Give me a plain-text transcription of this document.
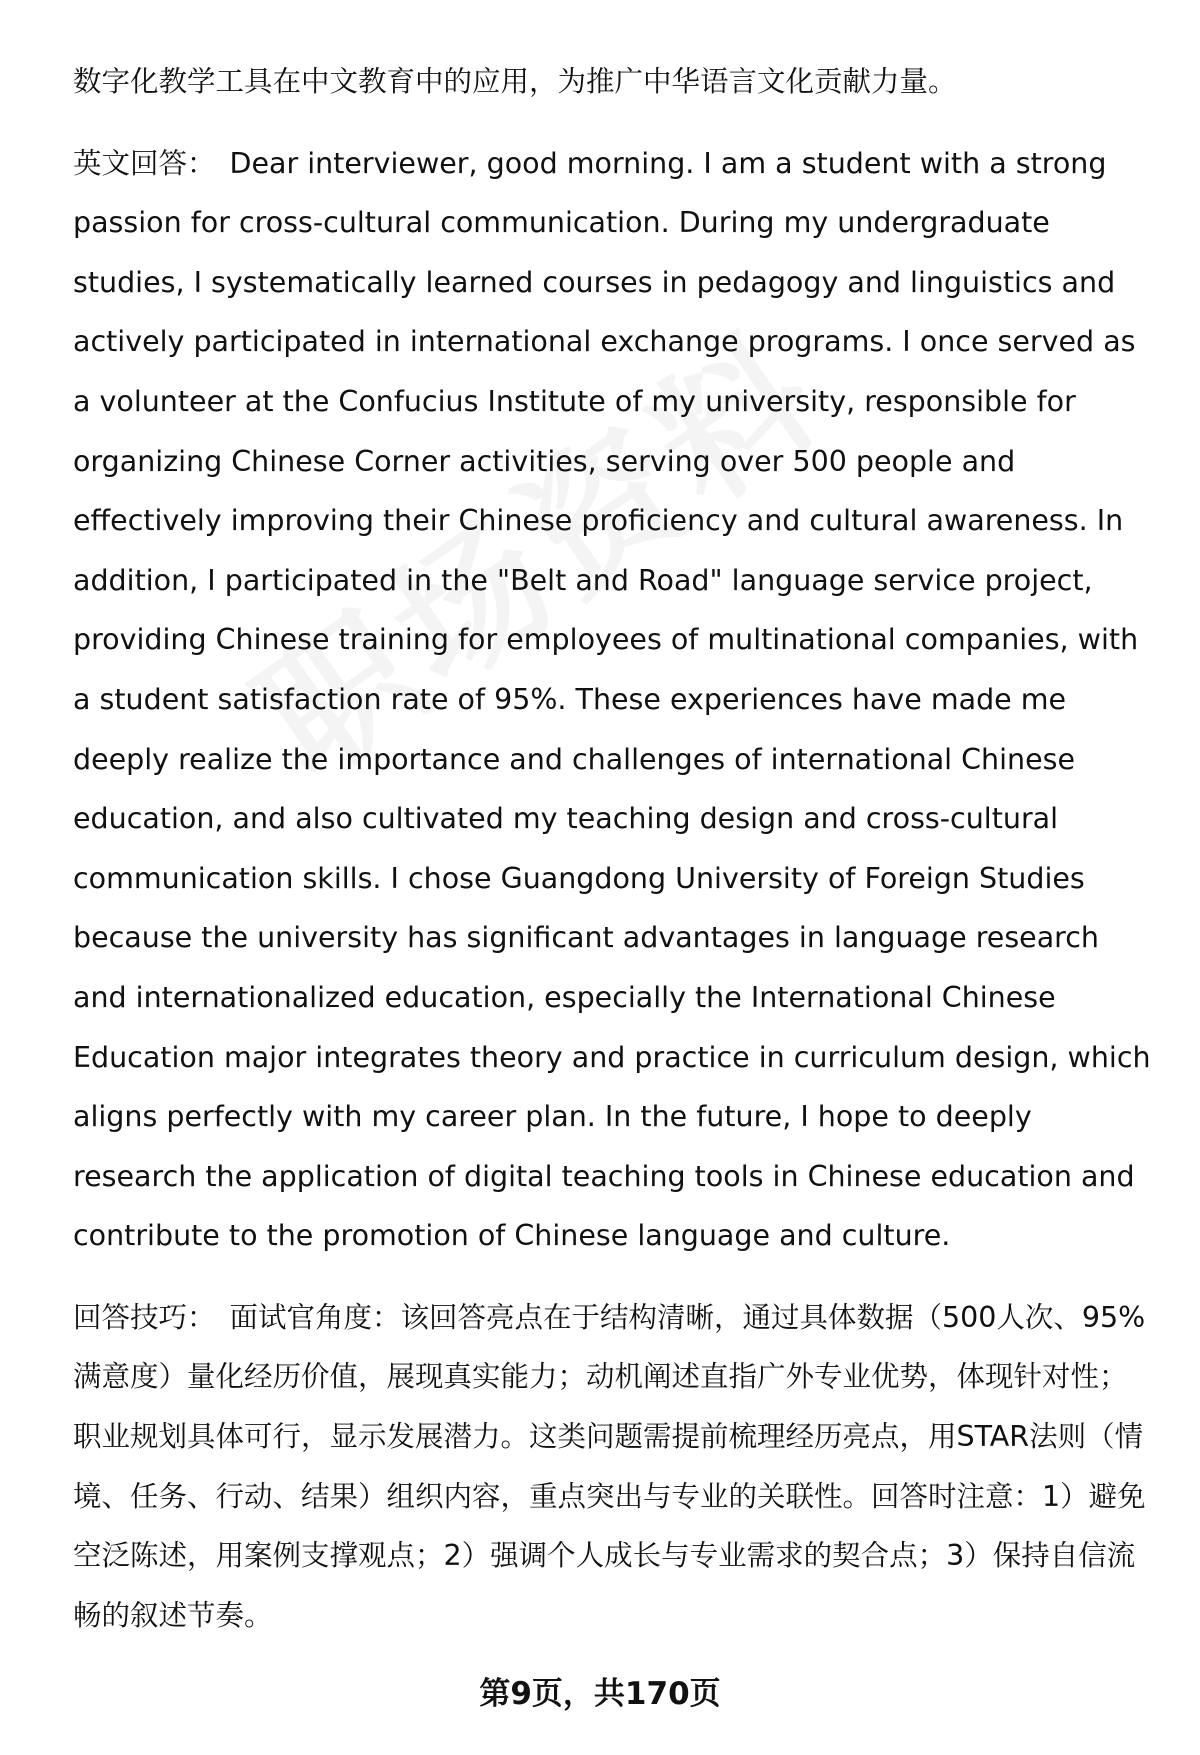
数字化教学工具在中文教育中的应用，为推广中华语言文化贡献力量。

英文回答： Dear interviewer, good morning. I am a student with a strong passion for cross-cultural communication. During my undergraduate studies, I systematically learned courses in pedagogy and linguistics and actively participated in international exchange programs. I once served as a volunteer at the Confucius Institute of my university, responsible for organizing Chinese Corner activities, serving over 500 people and effectively improving their Chinese proficiency and cultural awareness. In addition, I participated in the "Belt and Road" language service project, providing Chinese training for employees of multinational companies, with a student satisfaction rate of 95%. These experiences have made me deeply realize the importance and challenges of international Chinese education, and also cultivated my teaching design and cross-cultural communication skills. I chose Guangdong University of Foreign Studies because the university has significant advantages in language research and internationalized education, especially the International Chinese Education major integrates theory and practice in curriculum design, which aligns perfectly with my career plan. In the future, I hope to deeply research the application of digital teaching tools in Chinese education and contribute to the promotion of Chinese language and culture.

回答技巧： 面试官角度：该回答亮点在于结构清晰，通过具体数据（500人次、95%满意度）量化经历价值，展现真实能力；动机阐述直指广外专业优势，体现针对性；职业规划具体可行，显示发展潜力。这类问题需提前梳理经历亮点，用STAR法则（情境、任务、行动、结果）组织内容，重点突出与专业的关联性。回答时注意：1）避免空泛陈述，用案例支撑观点；2）强调个人成长与专业需求的契合点；3）保持自信流畅的叙述节奏。

第9页，共170页
